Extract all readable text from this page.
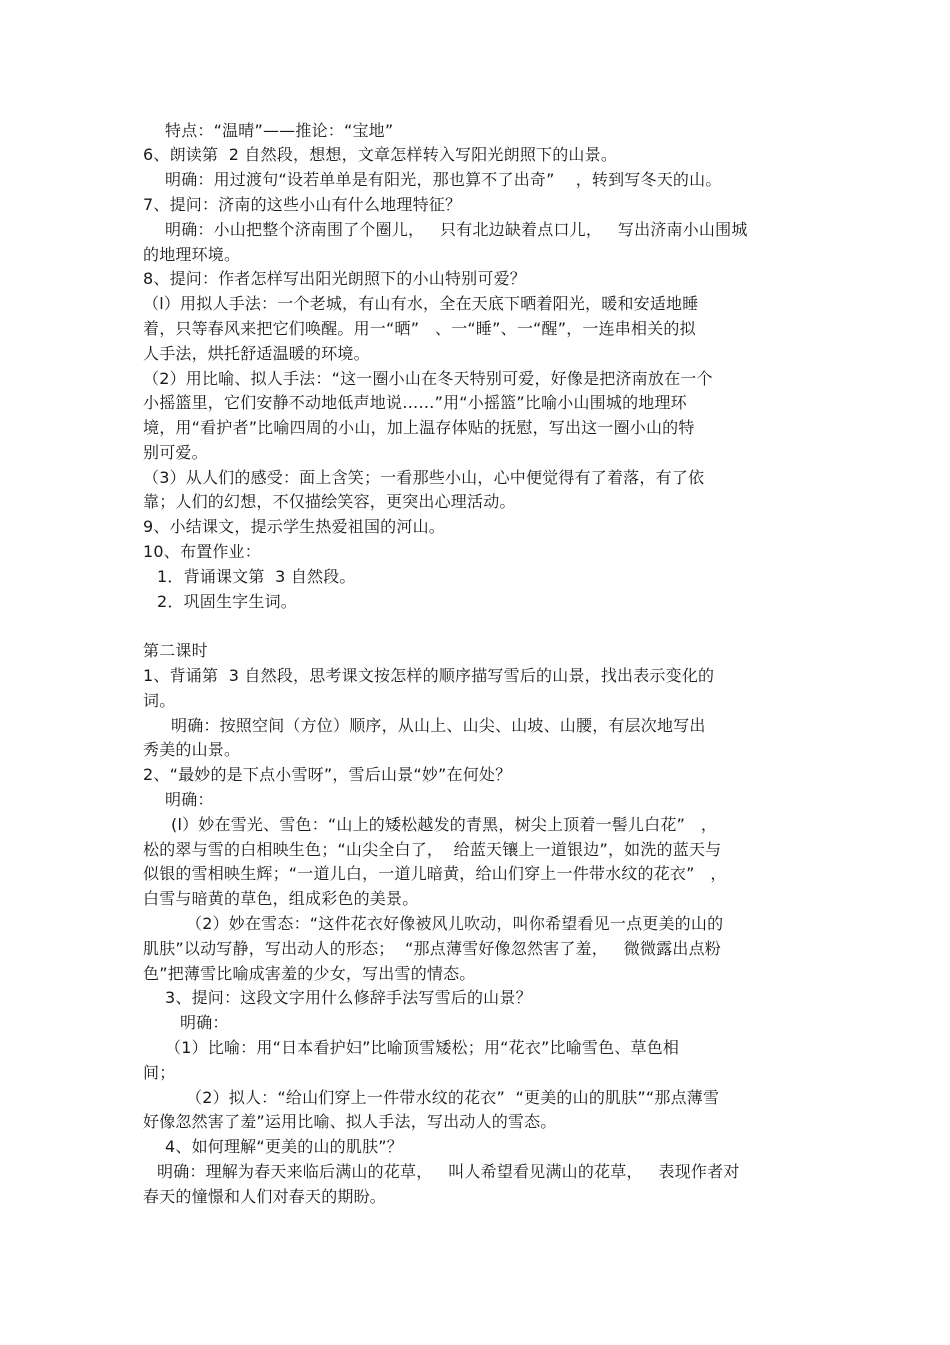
特点：“温晴”——推论：“宝地”

6、朗读第  2 自然段，想想，文章怎样转入写阳光朗照下的山景。

明确：用过渡句“设若单单是有阳光，那也算不了出奇”    ，转到写冬天的山。

7、提问：济南的这些小山有什么地理特征？

明确：小山把整个济南围了个圈儿，   只有北边缺着点口儿，   写出济南小山围城

的地理环境。

8、提问：作者怎样写出阳光朗照下的小山特别可爱？

（l）用拟人手法：一个老城，有山有水，全在天底下晒着阳光，暖和安适地睡

着，只等春风来把它们唤醒。用一“晒”   、一“睡”、一“醒”，一连串相关的拟

人手法，烘托舒适温暖的环境。

（2）用比喻、拟人手法：“这一圈小山在冬天特别可爱，好像是把济南放在一个

小摇篮里，它们安静不动地低声地说……”用“小摇篮”比喻小山围城的地理环

境，用“看护者”比喻四周的小山，加上温存体贴的抚慰，写出这一圈小山的特

别可爱。

（3）从人们的感受：面上含笑；一看那些小山，心中便觉得有了着落，有了依

靠；人们的幻想，不仅描绘笑容，更突出心理活动。

9、小结课文，提示学生热爱祖国的河山。

10、布置作业：

1．背诵课文第  3 自然段。

2．巩固生字生词。

第二课时

1、背诵第  3 自然段，思考课文按怎样的顺序描写雪后的山景，找出表示变化的

词。

明确：按照空间（方位）顺序，从山上、山尖、山坡、山腰，有层次地写出

秀美的山景。

2、“最妙的是下点小雪呀”，雪后山景“妙”在何处？

明确：

(l）妙在雪光、雪色：“山上的矮松越发的青黑，树尖上顶着一髻儿白花”   ，

松的翠与雪的白相映生色；“山尖全白了，  给蓝天镶上一道银边”，如洗的蓝天与

似银的雪相映生辉；“一道儿白，一道儿暗黄，给山们穿上一件带水纹的花衣”   ，

白雪与暗黄的草色，组成彩色的美景。

（2）妙在雪态：“这件花衣好像被风儿吹动，叫你希望看见一点更美的山的

肌肤”以动写静，写出动人的形态；  “那点薄雪好像忽然害了羞，   微微露出点粉

色”把薄雪比喻成害羞的少女，写出雪的情态。

3、提问：这段文字用什么修辞手法写雪后的山景？

明确：

（1）比喻：用“日本看护妇”比喻顶雪矮松；用“花衣”比喻雪色、草色相

间；

（2）拟人：“给山们穿上一件带水纹的花衣”  “更美的山的肌肤”“那点薄雪

好像忽然害了羞”运用比喻、拟人手法，写出动人的雪态。

4、如何理解“更美的山的肌肤”？

明确：理解为春天来临后满山的花草，   叫人希望看见满山的花草，   表现作者对

春天的憧憬和人们对春天的期盼。
